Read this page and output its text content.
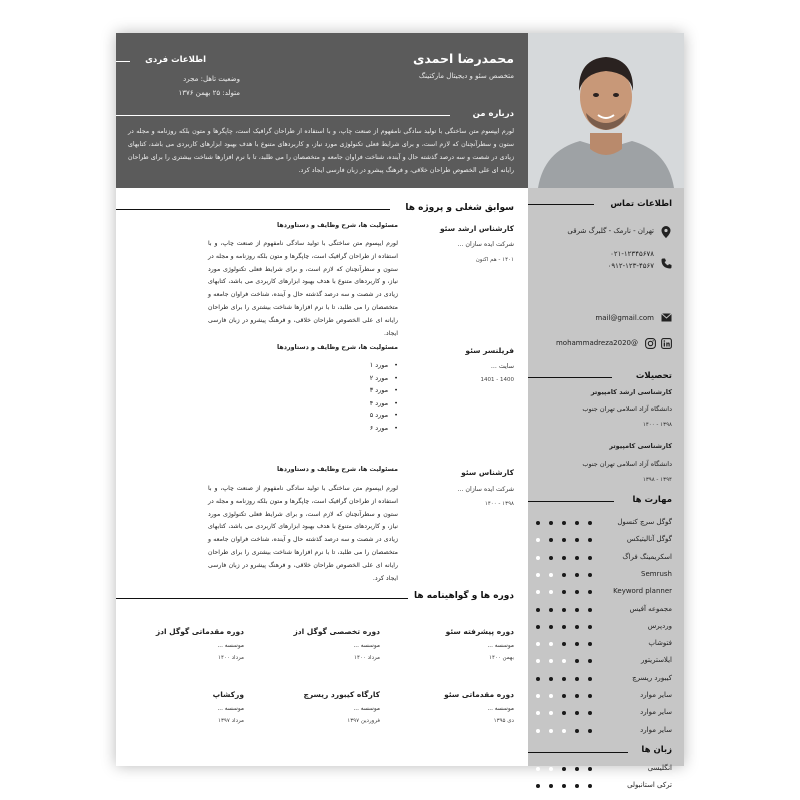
محمدرضا احمدی
متخصص سئو و دیجیتال مارکتینگ
اطلاعات فردی
وضعیت تاهل: مجرد
متولد: ۲۵ بهمن ۱۳۷۶
درباره من
لورم ایپسوم متن ساختگی با تولید سادگی نامفهوم از صنعت چاپ، و با استفاده از طراحان گرافیک است، چاپگرها و متون بلکه روزنامه و مجله در ستون و سطرآنچنان که لازم است، و برای شرایط فعلی تکنولوژی مورد نیاز، و کاربردهای متنوع با هدف بهبود ابزارهای کاربردی می باشد، کتابهای زیادی در شصت و سه درصد گذشته حال و آینده، شناخت فراوان جامعه و متخصصان را می طلبد، تا با نرم افزارها شناخت بیشتری را برای طراحان رایانه ای علی الخصوص طراحان خلاقی، و فرهنگ پیشرو در زبان فارسی ایجاد کرد.
اطلاعات تماس
تهران - نارمک - گلبرگ شرقی
۰۲۱-۱۲۳۴۵۶۷۸
۰۹۱۲-۱۲۳-۴۵۶۷
mail@gmail.com
@mohammadreza2020
تحصیلات
کارشناسی ارشد کامپیوتر
دانشگاه آزاد اسلامی تهران جنوب
۱۳۹۸ - ۱۴۰۰
کارشناسی کامپیوتر
دانشگاه آزاد اسلامی تهران جنوب
۱۳۹۴ - ۱۳۹۸
مهارت ها
گوگل سرچ کنسول
گوگل آنالیتیکس
اسکریمینگ فراگ
Semrush
Keyword planner
مجموعه آفیس
وردپرس
فتوشاپ
ایلاستریتور
کیبورد ریسرچ
سایر موارد
سایر موارد
سایر موارد
زبان ها
انگلیسی
ترکی استانبولی
سوابق شغلی و پروژه ها
کارشناس ارشد سئو
شرکت ایده سازان ...
۱۴۰۱ - هم اکنون
مسئولیت ها، شرح وظایف و دستاوردها
لورم ایپسوم متن ساختگی با تولید سادگی نامفهوم از صنعت چاپ، و با استفاده از طراحان گرافیک است، چاپگرها و متون بلکه روزنامه و مجله در ستون و سطرآنچنان که لازم است، و برای شرایط فعلی تکنولوژی مورد نیاز، و کاربردهای متنوع با هدف بهبود ابزارهای کاربردی می باشد، کتابهای زیادی در شصت و سه درصد گذشته حال و آینده، شناخت فراوان جامعه و متخصصان را می طلبد، تا با نرم افزارها شناخت بیشتری را برای طراحان رایانه ای علی الخصوص طراحان خلاقی، و فرهنگ پیشرو در زبان فارسی ایجاد.
فریلنسر سئو
سایت ...
1400 - 1401
مسئولیت ها، شرح وظایف و دستاوردها
• مورد ۱
• مورد ۲
• مورد ۳
• مورد ۴
• مورد ۵
• مورد ۶
کارشناس سئو
شرکت ایده سازان ...
۱۳۹۸ - ۱۴۰۰
مسئولیت ها، شرح وظایف و دستاوردها
لورم ایپسوم متن ساختگی با تولید سادگی نامفهوم از صنعت چاپ، و با استفاده از طراحان گرافیک است، چاپگرها و متون بلکه روزنامه و مجله در ستون و سطرآنچنان که لازم است، و برای شرایط فعلی تکنولوژی مورد نیاز، و کاربردهای متنوع با هدف بهبود ابزارهای کاربردی می باشد، کتابهای زیادی در شصت و سه درصد گذشته حال و آینده، شناخت فراوان جامعه و متخصصان را می طلبد، تا با نرم افزارها شناخت بیشتری را برای طراحان رایانه ای علی الخصوص طراحان خلاقی، و فرهنگ پیشرو در زبان فارسی ایجاد کرد.
دوره ها و گواهینامه ها
دوره پیشرفته سئو
موسسه ...
بهمن ۱۴۰۰
دوره تخصصی گوگل ادز
موسسه ...
مرداد ۱۴۰۰
دوره مقدماتی گوگل ادز
موسسه ...
مرداد ۱۴۰۰
دوره مقدماتی سئو
موسسه ...
دی ۱۳۹۵
کارگاه کیبورد ریسرچ
موسسه ...
فروردین ۱۳۹۷
ورکشاپ
موسسه ...
مرداد ۱۳۹۷
